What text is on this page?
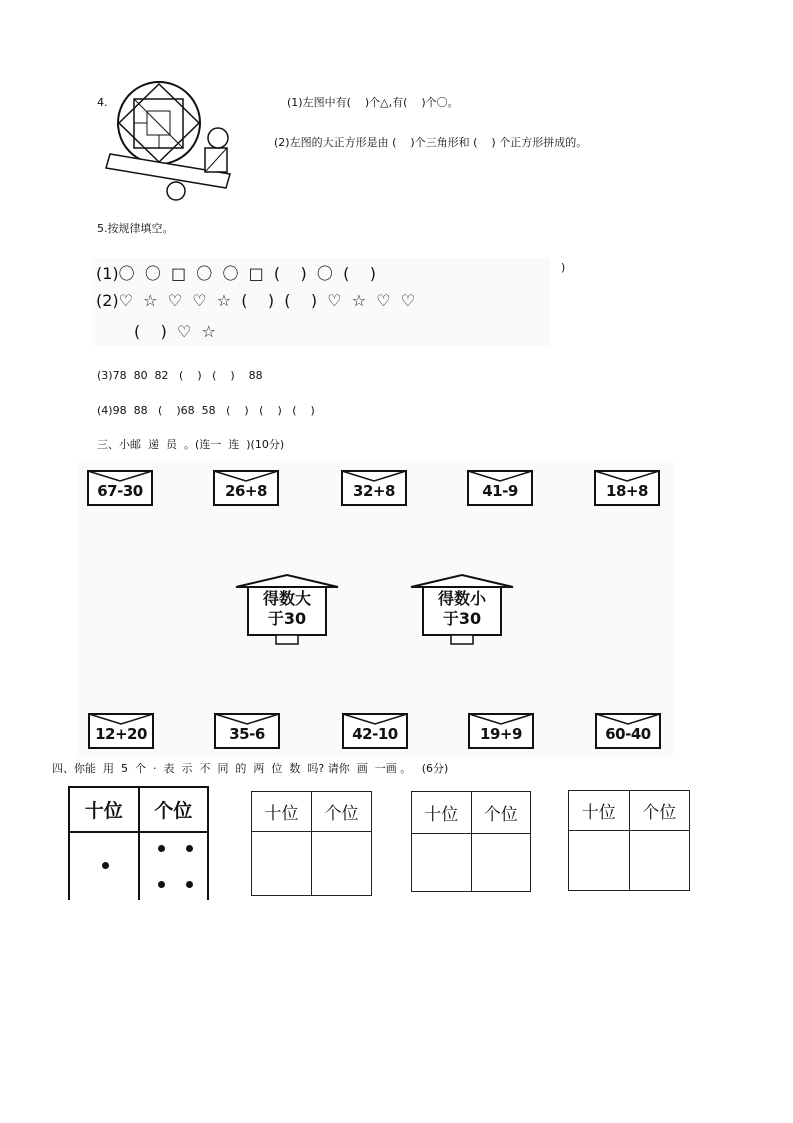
4.	(1)左图中有(    )个△,有(    )个〇。
(2)左图的大正方形是由 (    )个三角形和 (    ) 个正方形拼成的。
5.按规律填空。
(1)〇  〇  □  〇  〇  □  (    )  〇  (    )	)
(2)♡  ☆  ♡  ♡  ☆  (    )  (    )  ♡  ☆  ♡  ♡
(    )  ♡  ☆
(3)78  80  82   (    )   (    )    88
(4)98  88   (    )68  58   (    )   (    )   (    )
三、小邮  递  员  。(连一  连  )(10分)
67-30	26+8	32+8	41-9	18+8
得数大
于30
得数小
于30
12+20	35-6	42-10	19+9	60-40
四、你能  用  5  个  ·  表  示  不  同  的  两  位  数  吗? 请你  画  一画 。   (6分)
十位	个位

		十位	个位
		十位	个位
		十位	个位
